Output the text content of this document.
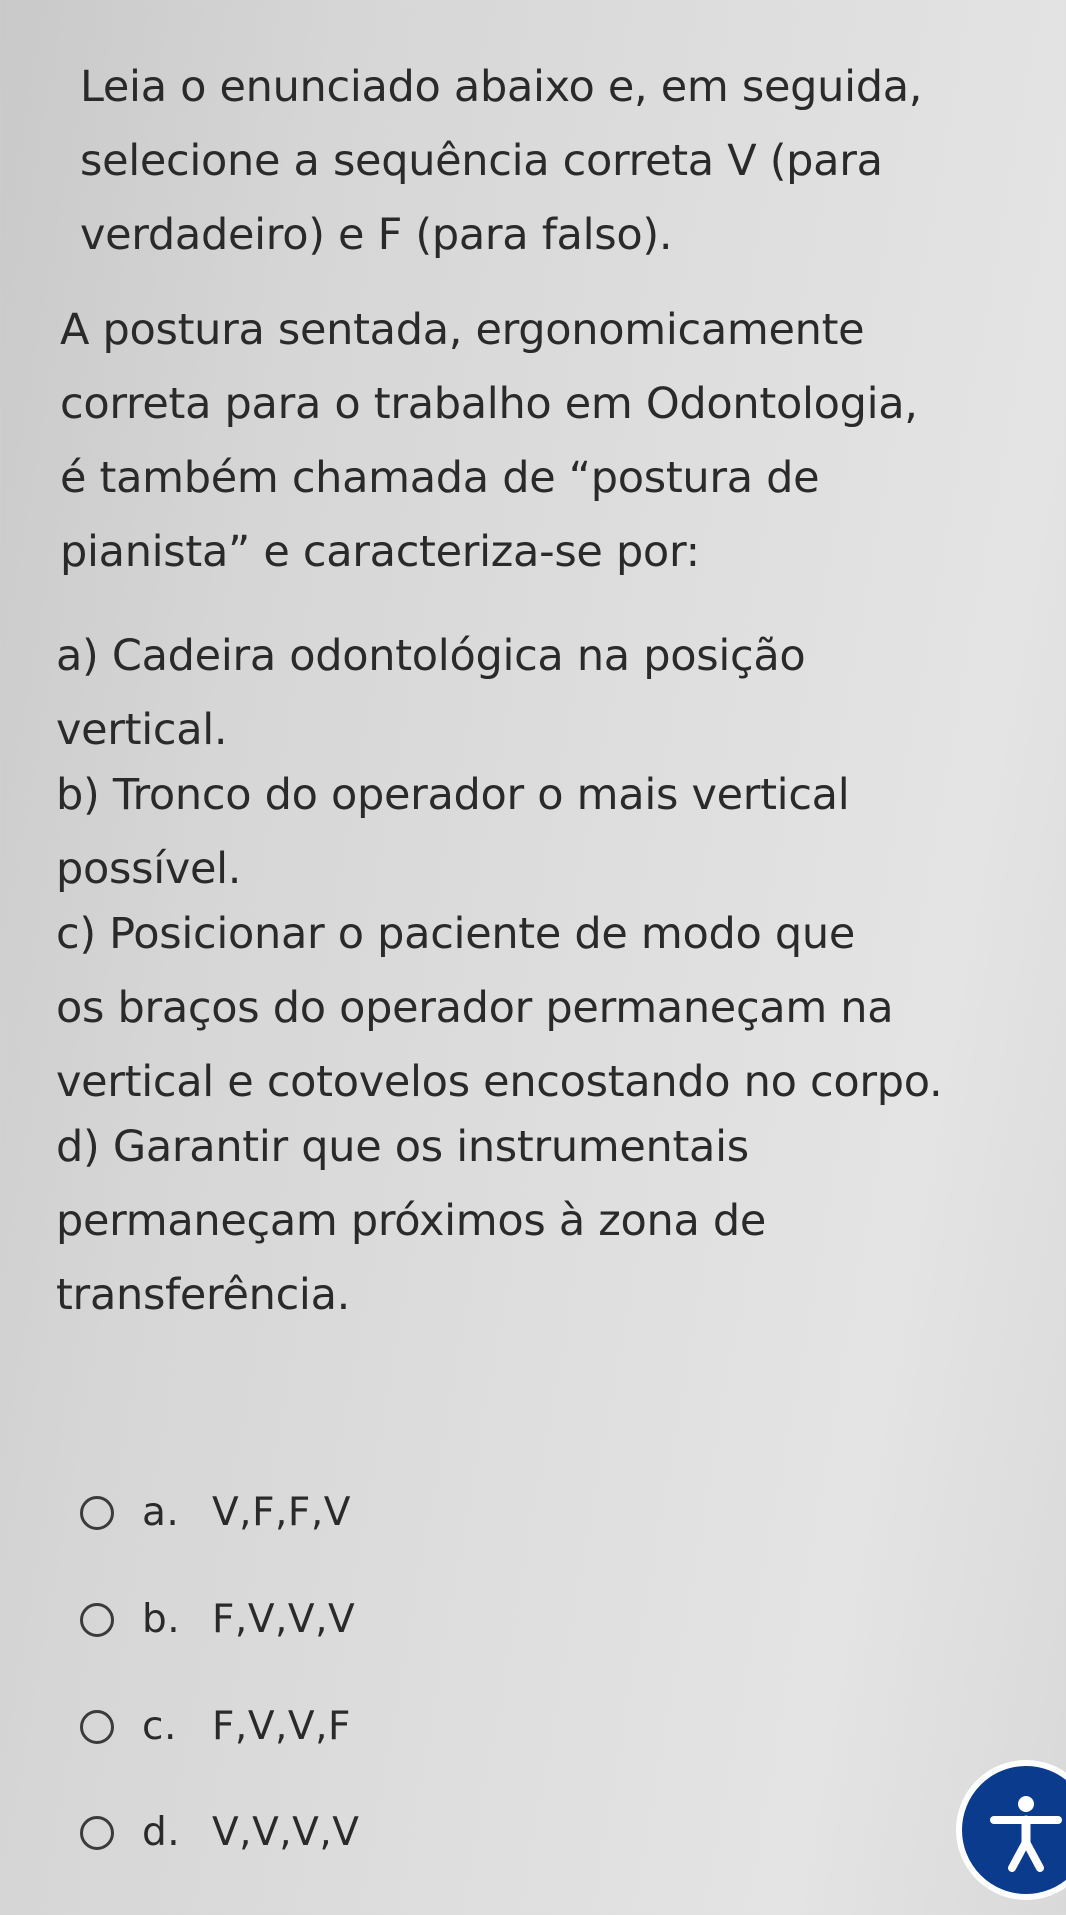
Leia o enunciado abaixo e, em seguida,
selecione a sequência correta V (para
verdadeiro) e F (para falso).

A postura sentada, ergonomicamente
correta para o trabalho em Odontologia,
é também chamada de “postura de
pianista” e caracteriza-se por:

a) Cadeira odontológica na posição
vertical.

b) Tronco do operador o mais vertical
possível.

c) Posicionar o paciente de modo que
os braços do operador permaneçam na
vertical e cotovelos encostando no corpo.

d) Garantir que os instrumentais
permaneçam próximos à zona de
transferência.

a. V,F,F,V
b. F,V,V,V
c. F,V,V,F
d. V,V,V,V
